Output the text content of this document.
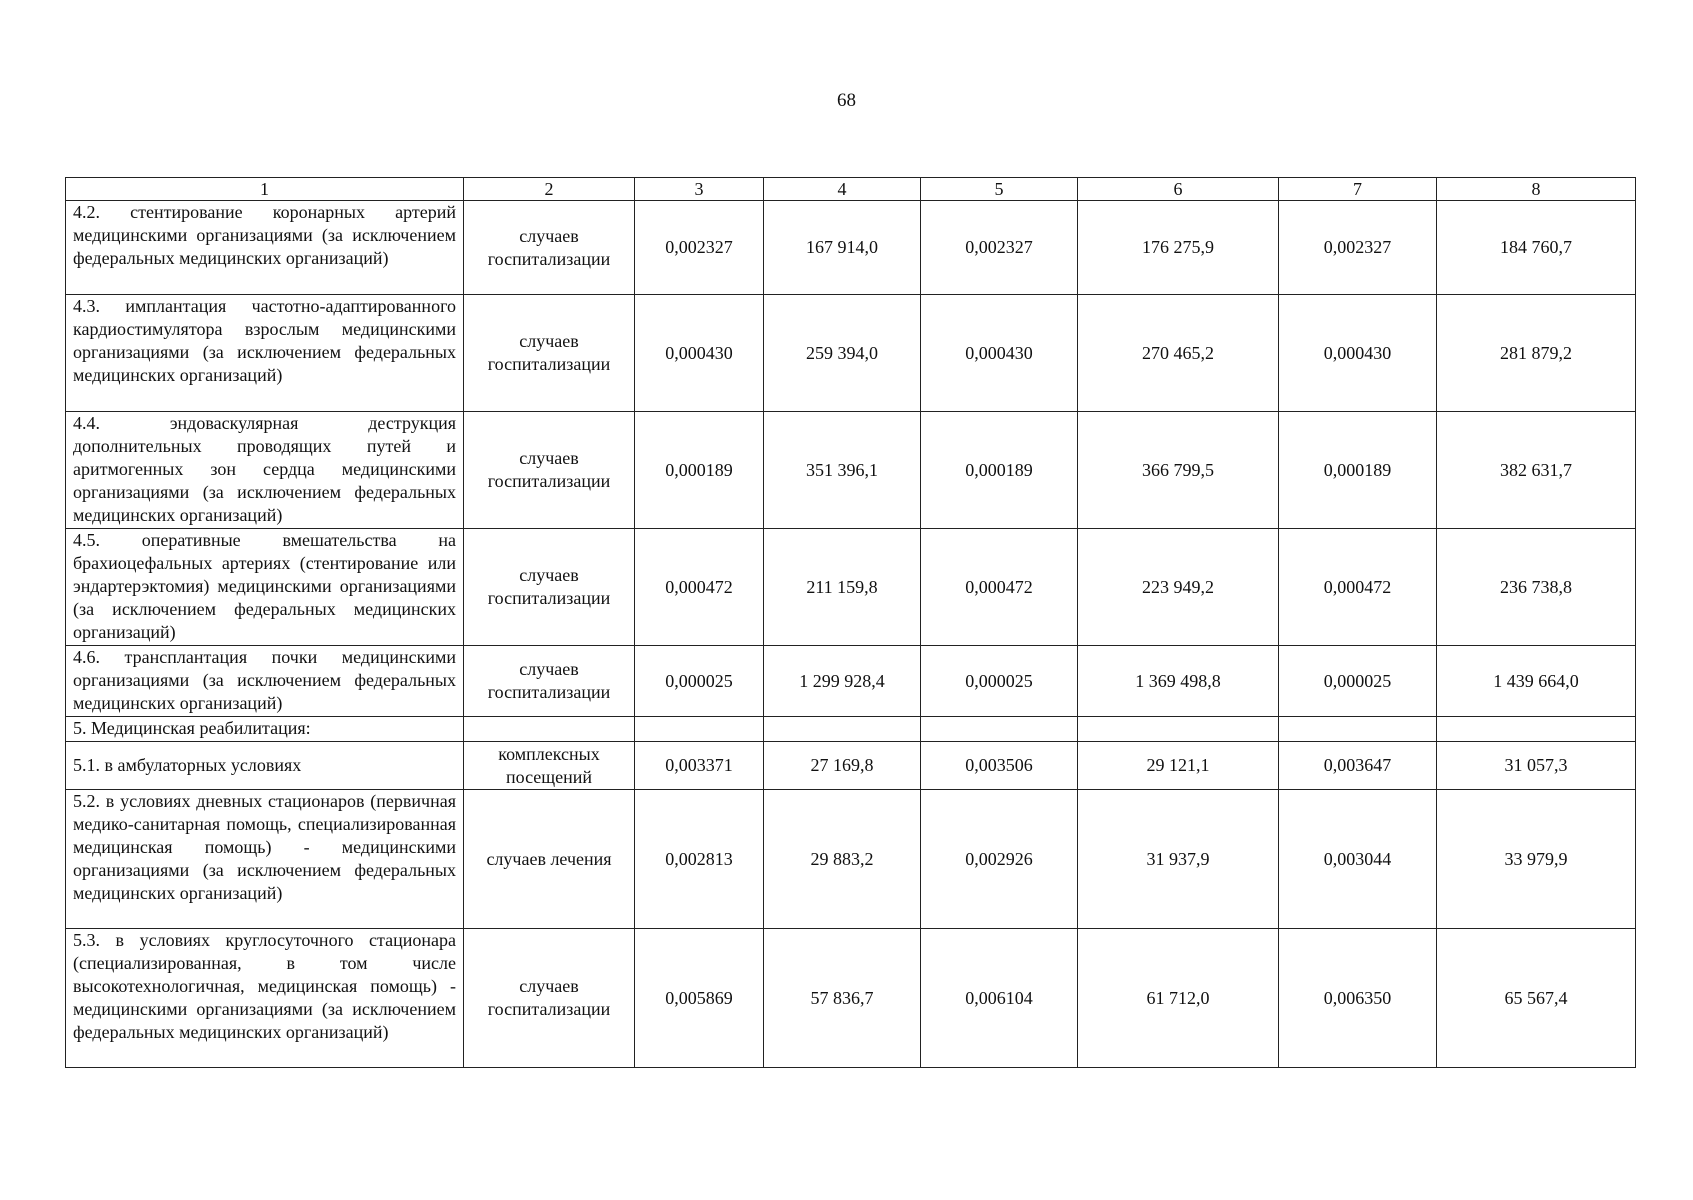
68
1	2	3	4	5	6	7	8
4.2. стентирование коронарных артерий медицинскими организациями (за исключением федеральных медицинских организаций)	случаев госпитализации	0,002327	167 914,0	0,002327	176 275,9	0,002327	184 760,7
4.3. имплантация частотно-адаптированного кардиостимулятора взрослым медицинскими организациями (за исключением федеральных медицинских организаций)	случаев госпитализации	0,000430	259 394,0	0,000430	270 465,2	0,000430	281 879,2
4.4. эндоваскулярная деструкция дополнительных проводящих путей и аритмогенных зон сердца медицинскими организациями (за исключением федеральных медицинских организаций)	случаев госпитализации	0,000189	351 396,1	0,000189	366 799,5	0,000189	382 631,7
4.5. оперативные вмешательства на брахиоцефальных артериях (стентирование или эндартерэктомия) медицинскими организациями (за исключением федеральных медицинских организаций)	случаев госпитализации	0,000472	211 159,8	0,000472	223 949,2	0,000472	236 738,8
4.6. трансплантация почки медицинскими организациями (за исключением федеральных медицинских организаций)	случаев госпитализации	0,000025	1 299 928,4	0,000025	1 369 498,8	0,000025	1 439 664,0
5. Медицинская реабилитация:							
5.1. в амбулаторных условиях	комплексных посещений	0,003371	27 169,8	0,003506	29 121,1	0,003647	31 057,3
5.2. в условиях дневных стационаров (первичная медико-санитарная помощь, специализированная медицинская помощь) - медицинскими организациями (за исключением федеральных медицинских организаций)	случаев лечения	0,002813	29 883,2	0,002926	31 937,9	0,003044	33 979,9
5.3. в условиях круглосуточного стационара (специализированная, в том числе высокотехнологичная, медицинская помощь) - медицинскими организациями (за исключением федеральных медицинских организаций)	случаев госпитализации	0,005869	57 836,7	0,006104	61 712,0	0,006350	65 567,4
